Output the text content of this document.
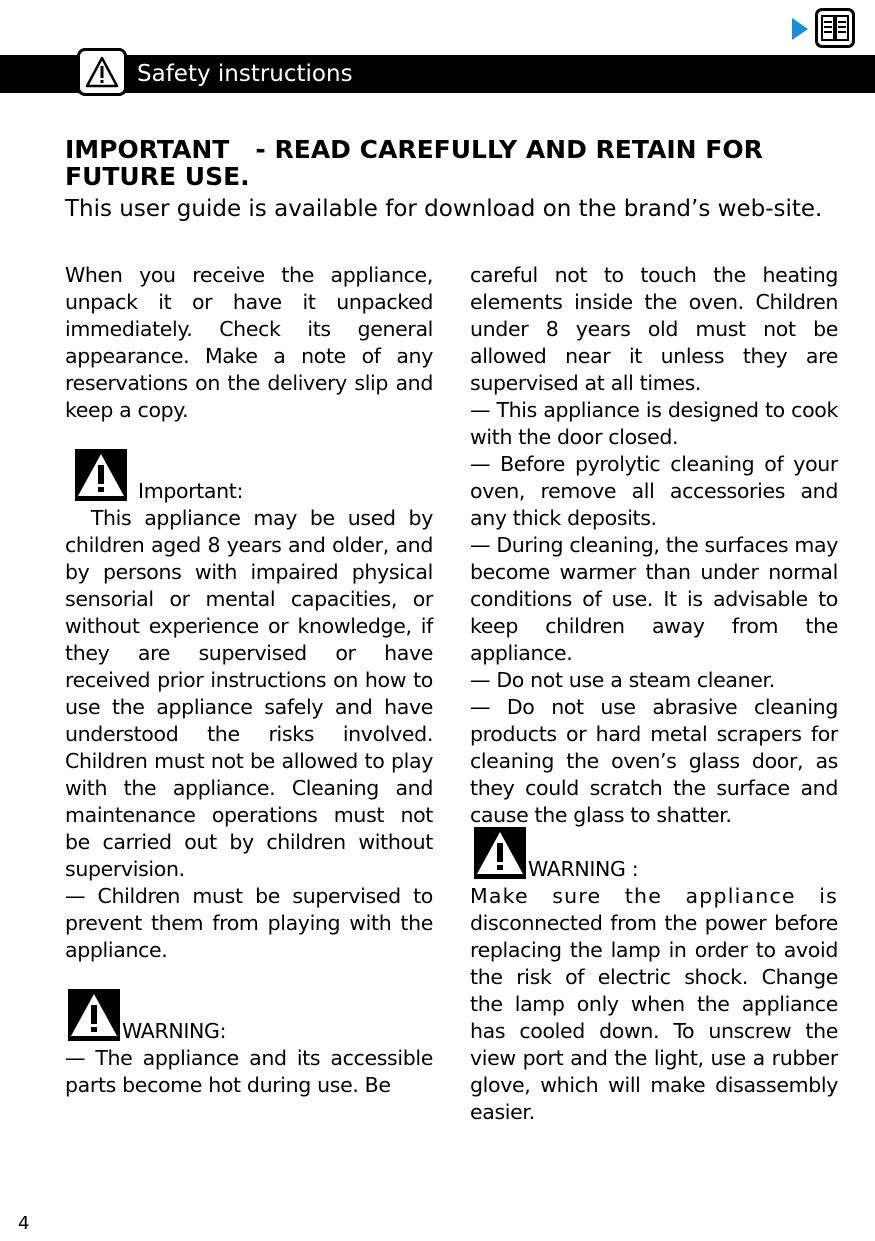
Safety instructions

IMPORTANT   - READ CAREFULLY AND RETAIN FOR FUTURE USE.

This user guide is available for download on the brand’s web-site.

When you receive the appliance, unpack it or have it unpacked immediately. Check its general appearance. Make a note of any reservations on the delivery slip and keep a copy.

Important:

This appliance may be used by children aged 8 years and older, and by persons with impaired physical sensorial or mental capacities, or without experience or knowledge, if they are supervised or have received prior instructions on how to use the appliance safely and have understood the risks involved. Children must not be allowed to play with the appliance. Cleaning and maintenance operations must not be carried out by children without supervision.

— Children must be supervised to prevent them from playing with the appliance.

WARNING:

— The appliance and its accessible parts become hot during use. Be

careful not to touch the heating elements inside the oven. Children under 8 years old must not be allowed near it unless they are supervised at all times.

— This appliance is designed to cook with the door closed.

— Before pyrolytic cleaning of your oven, remove all accessories and any thick deposits.

— During cleaning, the surfaces may become warmer than under normal conditions of use. It is advisable to keep children away from the appliance.

— Do not use a steam cleaner.

— Do not use abrasive cleaning products or hard metal scrapers for cleaning the oven’s glass door, as they could scratch the surface and cause the glass to shatter.

WARNING :

Make sure the appliance is

disconnected from the power before replacing the lamp in order to avoid the risk of electric shock. Change the lamp only when the appliance has cooled down. To unscrew the view port and the light, use a rubber glove, which will make disassembly easier.

4
